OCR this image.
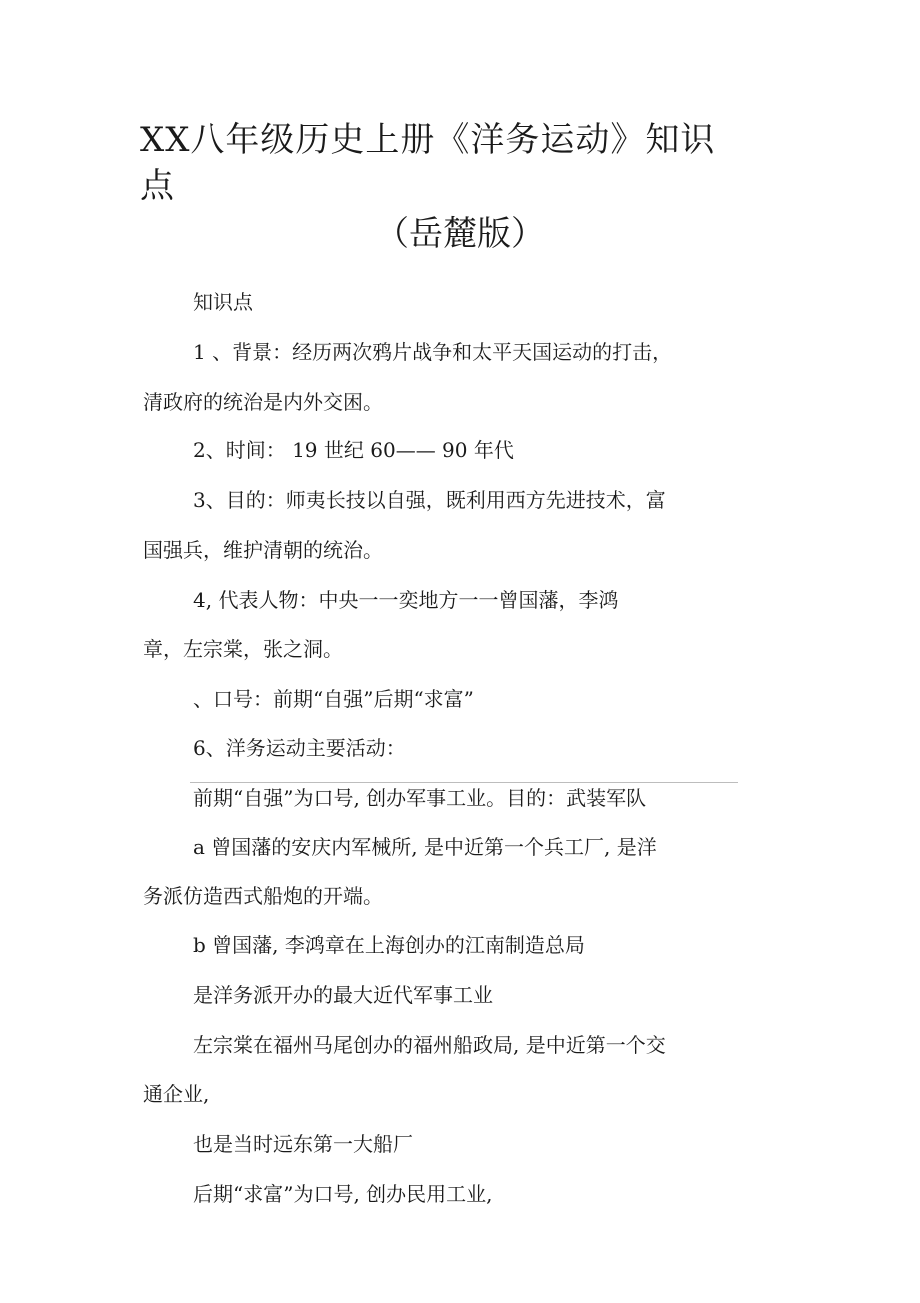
XX八年级历史上册《洋务运动》知识
点
（岳麓版）
知识点
1 、背景：经历两次鸦片战争和太平天国运动的打击，
清政府的统治是内外交困。
2、时间： 19 世纪 60—— 90 年代
3、目的：师夷长技以自强，既利用西方先进技术，富
国强兵，维护清朝的统治。
4, 代表人物：中央一一奕地方一一曾国藩，李鸿
章，左宗棠，张之洞。
、口号：前期“自强”后期“求富”
6、洋务运动主要活动：
前期“自强”为口号, 创办军事工业。目的：武装军队
a 曾国藩的安庆内军械所, 是中近第一个兵工厂, 是洋
务派仿造西式船炮的开端。
b 曾国藩, 李鸿章在上海创办的江南制造总局
是洋务派开办的最大近代军事工业
左宗棠在福州马尾创办的福州船政局, 是中近第一个交
通企业,
也是当时远东第一大船厂
后期“求富”为口号, 创办民用工业,
